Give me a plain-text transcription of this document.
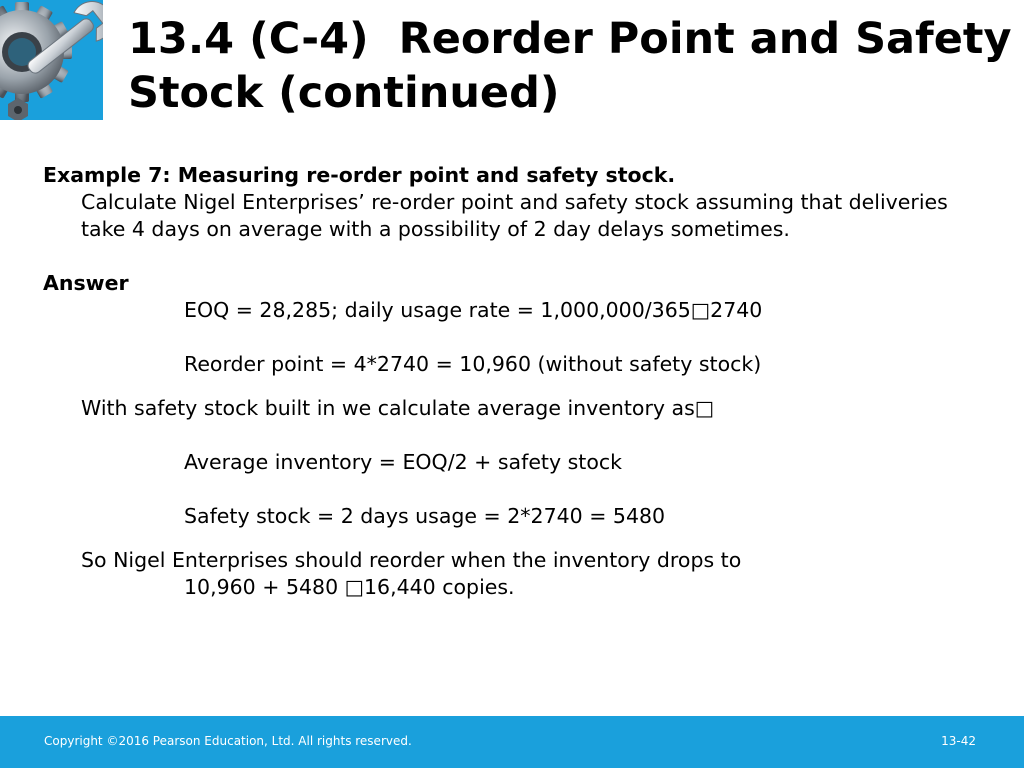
13.4 (C-4)  Reorder Point and Safety
Stock (continued)

Example 7: Measuring re-order point and safety stock.

Calculate Nigel Enterprises’ re-order point and safety stock assuming that deliveries

take 4 days on average with a possibility of 2 day delays sometimes.

Answer

EOQ = 28,285; daily usage rate = 1,000,000/365□2740

Reorder point = 4*2740 = 10,960 (without safety stock)

With safety stock built in we calculate average inventory as□

Average inventory = EOQ/2 + safety stock

Safety stock = 2 days usage = 2*2740 = 5480

So Nigel Enterprises should reorder when the inventory drops to

10,960 + 5480 □16,440 copies.

Copyright ©2016 Pearson Education, Ltd. All rights reserved.	13-42
